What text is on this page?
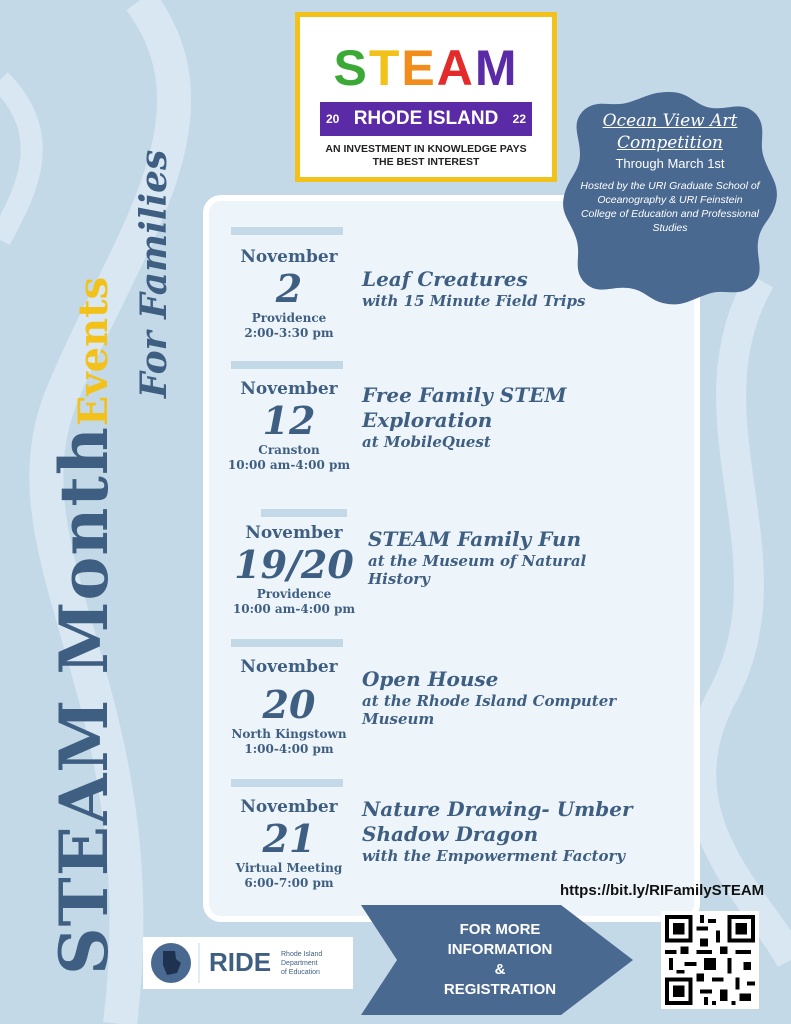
STEAM MonthEvents For Families
STEAM
20 RHODE ISLAND 22
AN INVESTMENT IN KNOWLEDGE PAYS
THE BEST INTEREST
November
2
Providence
2:00-3:30 pm
Leaf Creatures
with 15 Minute Field Trips
November
12
Cranston
10:00 am-4:00 pm
Free Family STEM Exploration
at MobileQuest
November
19/20
Providence
10:00 am-4:00 pm
STEAM Family Fun
at the Museum of Natural History
November
20
North Kingstown
1:00-4:00 pm
Open House
at the Rhode Island Computer Museum
November
21
Virtual Meeting
6:00-7:00 pm
Nature Drawing- Umber Shadow Dragon
with the Empowerment Factory
Ocean View Art Competition
Through March 1st
Hosted by the URI Graduate School of Oceanography & URI Feinstein College of Education and Professional Studies
https://bit.ly/RIFamilySTEAM
RIDE Rhode Island
Department
of Education
FOR MORE
INFORMATION
&
REGISTRATION
